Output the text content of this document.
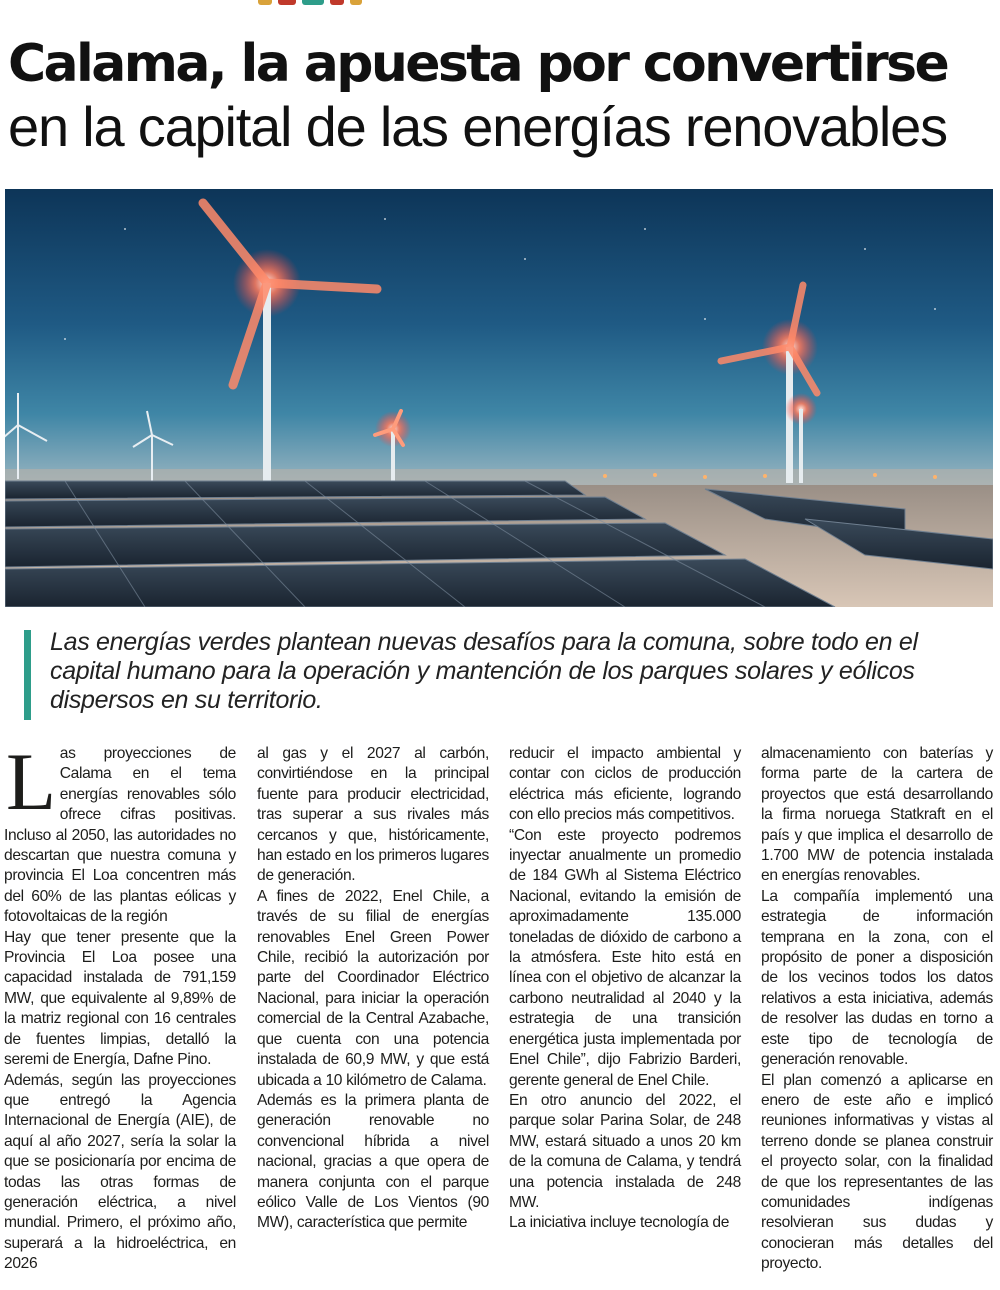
Calama, la apuesta por convertirse
en la capital de las energías renovables

Las energías verdes plantean nuevas desafíos para la comuna, sobre todo en el capital humano para la operación y mantención de los parques solares y eólicos dispersos en su territorio.

Las proyecciones de Calama en el tema energías renovables sólo ofrece cifras positivas. Incluso al 2050, las autoridades no descartan que nuestra comuna y provincia El Loa concentren más del 60% de las plantas eólicas y fotovoltaicas de la región

Hay que tener presente que la Provincia El Loa posee una capacidad instalada de 791,159 MW, que equivalente al 9,89% de la matriz regional con 16 centrales de fuentes limpias, detalló la seremi de Energía, Dafne Pino.

Además, según las proyecciones que entregó la Agencia Internacional de Energía (AIE), de aquí al año 2027, sería la solar la que se posicionaría por encima de todas las otras formas de generación eléctrica, a nivel mundial. Primero, el próximo año, superará a la hidroeléctrica, en 2026

al gas y el 2027 al carbón, convirtiéndose en la principal fuente para producir electricidad, tras superar a sus rivales más cercanos y que, históricamente, han estado en los primeros lugares de generación.

A fines de 2022, Enel Chile, a través de su filial de energías renovables Enel Green Power Chile, recibió la autorización por parte del Coordinador Eléctrico Nacional, para iniciar la operación comercial de la Central Azabache, que cuenta con una potencia instalada de 60,9 MW, y que está ubicada a 10 kilómetro de Calama.

Además es la primera planta de generación renovable no convencional híbrida a nivel nacional, gracias a que opera de manera conjunta con el parque eólico Valle de Los Vientos (90 MW), característica que permite

reducir el impacto ambiental y contar con ciclos de producción eléctrica más eficiente, logrando con ello precios más competitivos.

“Con este proyecto podremos inyectar anualmente un promedio de 184 GWh al Sistema Eléctrico Nacional, evitando la emisión de aproximadamente 135.000 toneladas de dióxido de carbono a la atmósfera. Este hito está en línea con el objetivo de alcanzar la carbono neutralidad al 2040 y la estrategia de una transición energética justa implementada por Enel Chile”, dijo Fabrizio Barderi, gerente general de Enel Chile.

En otro anuncio del 2022, el parque solar Parina Solar, de 248 MW, estará situado a unos 20 km de la comuna de Calama, y tendrá una potencia instalada de 248 MW.

La iniciativa incluye tecnología de

almacenamiento con baterías y forma parte de la cartera de proyectos que está desarrollando la firma noruega Statkraft en el país y que implica el desarrollo de 1.700 MW de potencia instalada en energías renovables.

La compañía implementó una estrategia de información temprana en la zona, con el propósito de poner a disposición de los vecinos todos los datos relativos a esta iniciativa, además de resolver las dudas en torno a este tipo de tecnología de generación renovable.

El plan comenzó a aplicarse en enero de este año e implicó reuniones informativas y vistas al terreno donde se planea construir el proyecto solar, con la finalidad de que los representantes de las comunidades indígenas resolvieran sus dudas y conocieran más detalles del proyecto.
